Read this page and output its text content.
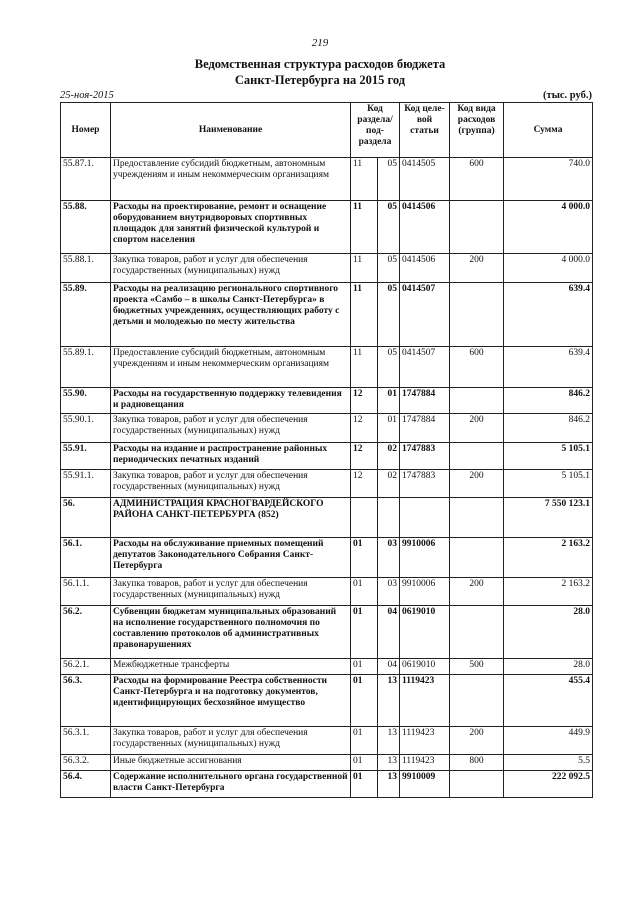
219
Ведомственная структура расходов бюджета
Санкт-Петербурга на 2015 год
25-ноя-2015	(тыс. руб.)
Номер	Наименование	Код раздела/ под- раздела		Код целе- вой статьи	Код вида расходов (группа)	Сумма
55.87.1.	Предоставление субсидий бюджетным, автономным учреждениям и иным некоммерческим организациям	11	05	0414505	600	740.0
55.88.	Расходы на проектирование, ремонт и оснащение оборудованием внутридворовых спортивных площадок для занятий физической культурой и спортом населения	11	05	0414506		4 000.0
55.88.1.	Закупка товаров, работ и услуг для обеспечения государственных (муниципальных) нужд	11	05	0414506	200	4 000.0
55.89.	Расходы на реализацию регионального спортивного проекта «Самбо – в школы Санкт-Петербурга» в бюджетных учреждениях, осуществляющих работу с детьми и молодежью по месту жительства	11	05	0414507		639.4
55.89.1.	Предоставление субсидий бюджетным, автономным учреждениям и иным некоммерческим организациям	11	05	0414507	600	639.4
55.90.	Расходы на государственную поддержку телевидения и радиовещания	12	01	1747884		846.2
55.90.1.	Закупка товаров, работ и услуг для обеспечения государственных (муниципальных) нужд	12	01	1747884	200	846.2
55.91.	Расходы на издание и распространение районных периодических печатных изданий	12	02	1747883		5 105.1
55.91.1.	Закупка товаров, работ и услуг для обеспечения государственных (муниципальных) нужд	12	02	1747883	200	5 105.1
56.	АДМИНИСТРАЦИЯ КРАСНОГВАРДЕЙСКОГО РАЙОНА САНКТ-ПЕТЕРБУРГА (852)					7 550 123.1
56.1.	Расходы на обслуживание приемных помещений депутатов Законодательного Собрания Санкт-Петербурга	01	03	9910006		2 163.2
56.1.1.	Закупка товаров, работ и услуг для обеспечения государственных (муниципальных) нужд	01	03	9910006	200	2 163.2
56.2.	Субвенции бюджетам муниципальных образований на исполнение государственного полномочия по составлению протоколов об административных правонарушениях	01	04	0619010		28.0
56.2.1.	Межбюджетные трансферты	01	04	0619010	500	28.0
56.3.	Расходы на формирование Реестра собственности Санкт-Петербурга и на подготовку документов, идентифицирующих бесхозяйное имущество	01	13	1119423		455.4
56.3.1.	Закупка товаров, работ и услуг для обеспечения государственных (муниципальных) нужд	01	13	1119423	200	449.9
56.3.2.	Иные бюджетные ассигнования	01	13	1119423	800	5.5
56.4.	Содержание исполнительного органа государственной власти Санкт-Петербурга	01	13	9910009		222 092.5
